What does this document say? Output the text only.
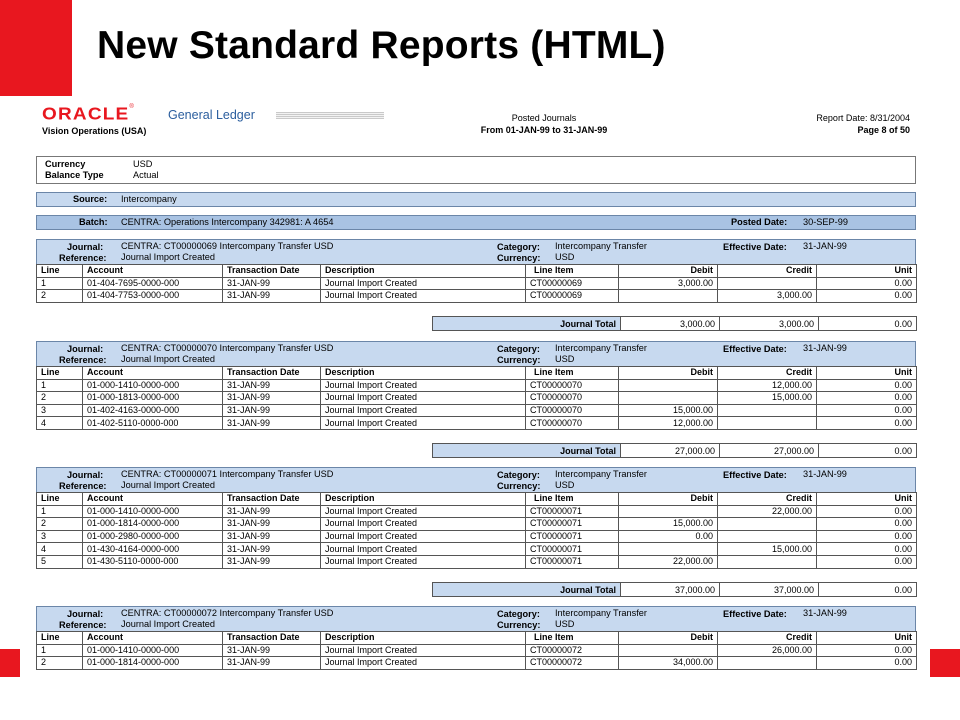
New Standard Reports (HTML)
ORACLE®
General Ledger
Vision Operations (USA)
Posted Journals
From 01-JAN-99 to 31-JAN-99
Report Date: 8/31/2004
Page 8 of 50
Currency	USD
Balance Type	Actual
Source: Intercompany
Batch: CENTRA: Operations Intercompany 342981: A 4654	Posted Date: 30-SEP-99
Journal: CENTRA: CT00000069 Intercompany Transfer USD
Reference: Journal Import Created
Category: Intercompany Transfer
Currency: USD
Effective Date: 31-JAN-99
Line	Account	Transaction Date	Description	Line Item	Debit	Credit	Unit
1	01-404-7695-0000-000	31-JAN-99	Journal Import Created	CT00000069	3,000.00		0.00
2	01-404-7753-0000-000	31-JAN-99	Journal Import Created	CT00000069		3,000.00	0.00
Journal Total	3,000.00	3,000.00	0.00
Journal: CENTRA: CT00000070 Intercompany Transfer USD
Reference: Journal Import Created
Category: Intercompany Transfer
Currency: USD
Effective Date: 31-JAN-99
Line	Account	Transaction Date	Description	Line Item	Debit	Credit	Unit
1	01-000-1410-0000-000	31-JAN-99	Journal Import Created	CT00000070		12,000.00	0.00
2	01-000-1813-0000-000	31-JAN-99	Journal Import Created	CT00000070		15,000.00	0.00
3	01-402-4163-0000-000	31-JAN-99	Journal Import Created	CT00000070	15,000.00		0.00
4	01-402-5110-0000-000	31-JAN-99	Journal Import Created	CT00000070	12,000.00		0.00
Journal Total	27,000.00	27,000.00	0.00
Journal: CENTRA: CT00000071 Intercompany Transfer USD
Reference: Journal Import Created
Category: Intercompany Transfer
Currency: USD
Effective Date: 31-JAN-99
Line	Account	Transaction Date	Description	Line Item	Debit	Credit	Unit
1	01-000-1410-0000-000	31-JAN-99	Journal Import Created	CT00000071		22,000.00	0.00
2	01-000-1814-0000-000	31-JAN-99	Journal Import Created	CT00000071	15,000.00		0.00
3	01-000-2980-0000-000	31-JAN-99	Journal Import Created	CT00000071	0.00		0.00
4	01-430-4164-0000-000	31-JAN-99	Journal Import Created	CT00000071		15,000.00	0.00
5	01-430-5110-0000-000	31-JAN-99	Journal Import Created	CT00000071	22,000.00		0.00
Journal Total	37,000.00	37,000.00	0.00
Journal: CENTRA: CT00000072 Intercompany Transfer USD
Reference: Journal Import Created
Category: Intercompany Transfer
Currency: USD
Effective Date: 31-JAN-99
Line	Account	Transaction Date	Description	Line Item	Debit	Credit	Unit
1	01-000-1410-0000-000	31-JAN-99	Journal Import Created	CT00000072		26,000.00	0.00
2	01-000-1814-0000-000	31-JAN-99	Journal Import Created	CT00000072	34,000.00		0.00
